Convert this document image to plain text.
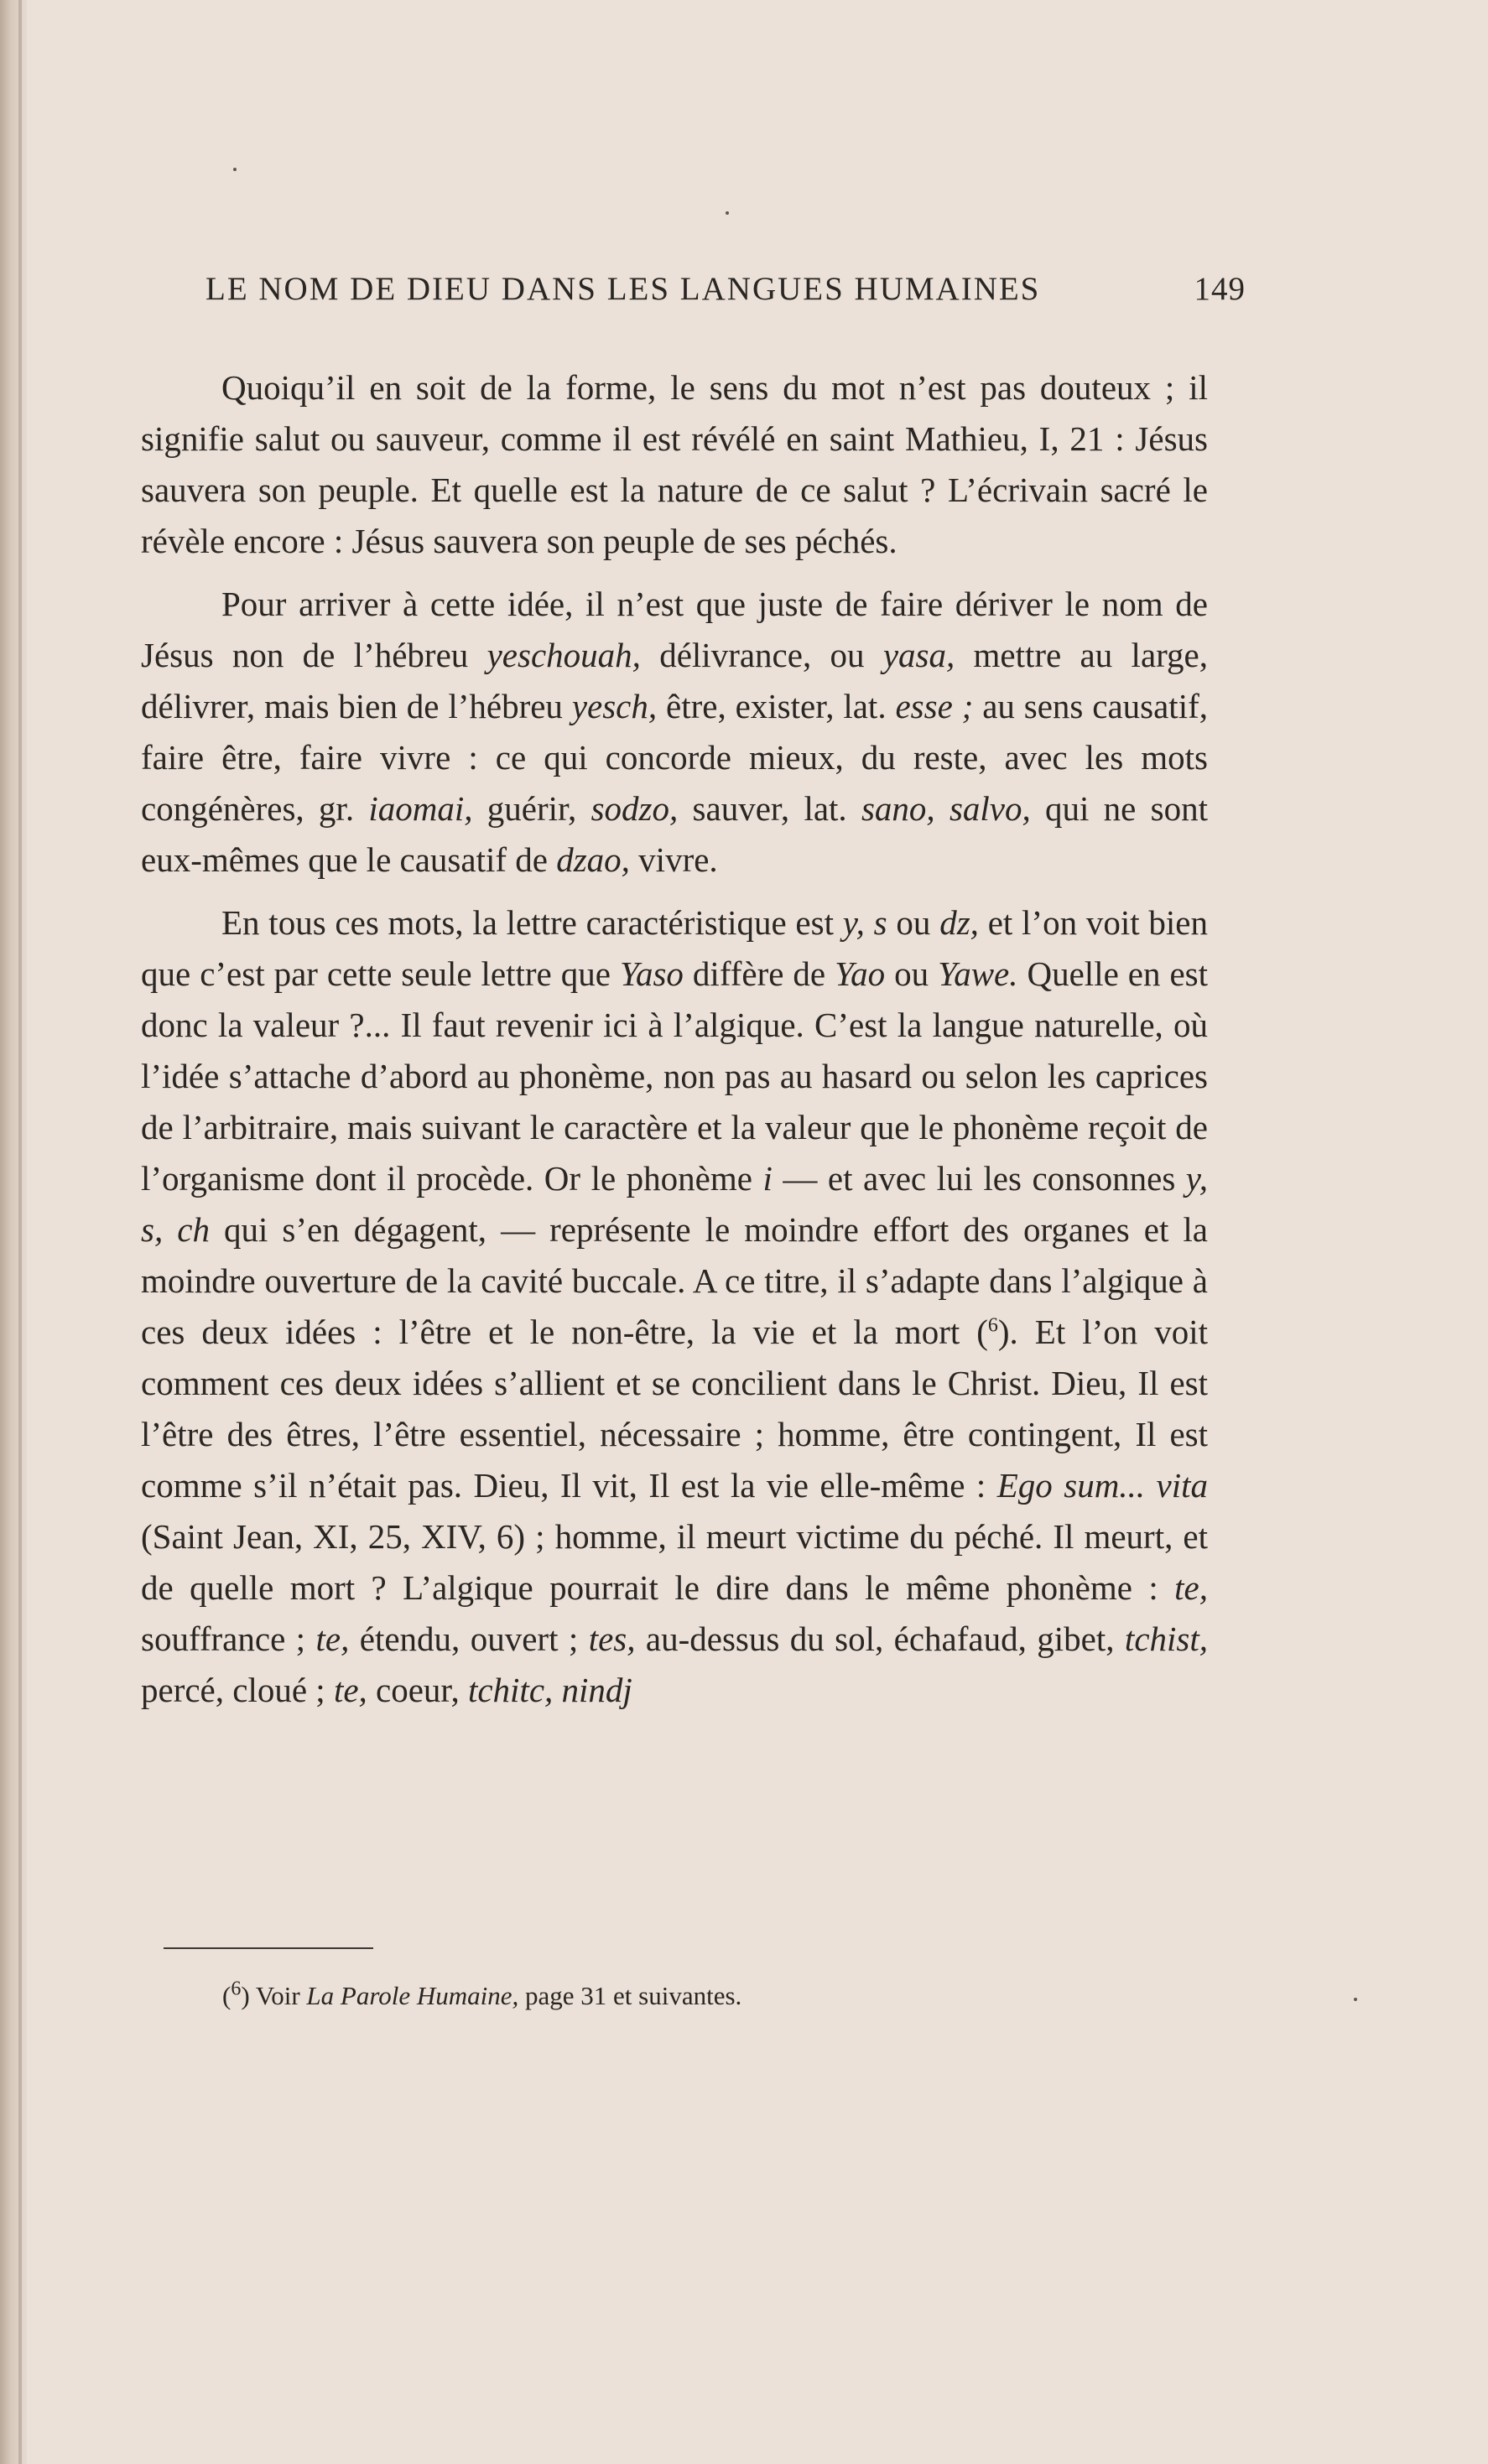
LE NOM DE DIEU DANS LES LANGUES HUMAINES	149

Quoiqu’il en soit de la forme, le sens du mot n’est pas douteux ; il signifie salut ou sauveur, comme il est révélé en saint Mathieu, I, 21 : Jésus sauvera son peuple. Et quelle est la nature de ce salut ? L’écrivain sacré le révèle encore : Jésus sauvera son peuple de ses péchés.

Pour arriver à cette idée, il n’est que juste de faire dériver le nom de Jésus non de l’hébreu yeschouah, délivrance, ou yasa, mettre au large, délivrer, mais bien de l’hébreu yesch, être, exister, lat. esse ; au sens causatif, faire être, faire vivre : ce qui concorde mieux, du reste, avec les mots congénères, gr. iaomai, guérir, sodzo, sauver, lat. sano, salvo, qui ne sont eux-mêmes que le causatif de dzao, vivre.

En tous ces mots, la lettre caractéristique est y, s ou dz, et l’on voit bien que c’est par cette seule lettre que Yaso diffère de Yao ou Yawe. Quelle en est donc la valeur ?... Il faut revenir ici à l’algique. C’est la langue naturelle, où l’idée s’attache d’abord au phonème, non pas au hasard ou selon les caprices de l’arbitraire, mais suivant le caractère et la valeur que le phonème reçoit de l’organisme dont il procède. Or le phonème i — et avec lui les consonnes y, s, ch qui s’en dégagent, — représente le moindre effort des organes et la moindre ouverture de la cavité buccale. A ce titre, il s’adapte dans l’algique à ces deux idées : l’être et le non-être, la vie et la mort ($^6$). Et l’on voit comment ces deux idées s’allient et se concilient dans le Christ. Dieu, Il est l’être des êtres, l’être essentiel, nécessaire ; homme, être contingent, Il est comme s’il n’était pas. Dieu, Il vit, Il est la vie elle-même : Ego sum... vita (Saint Jean, XI, 25, XIV, 6) ; homme, il meurt victime du péché. Il meurt, et de quelle mort ? L’algique pourrait le dire dans le même phonème : te, souffrance ; te, étendu, ouvert ; tes, au-dessus du sol, échafaud, gibet, tchist, percé, cloué ; te, coeur, tchitc, nindj

($^6$) Voir La Parole Humaine, page 31 et suivantes.
